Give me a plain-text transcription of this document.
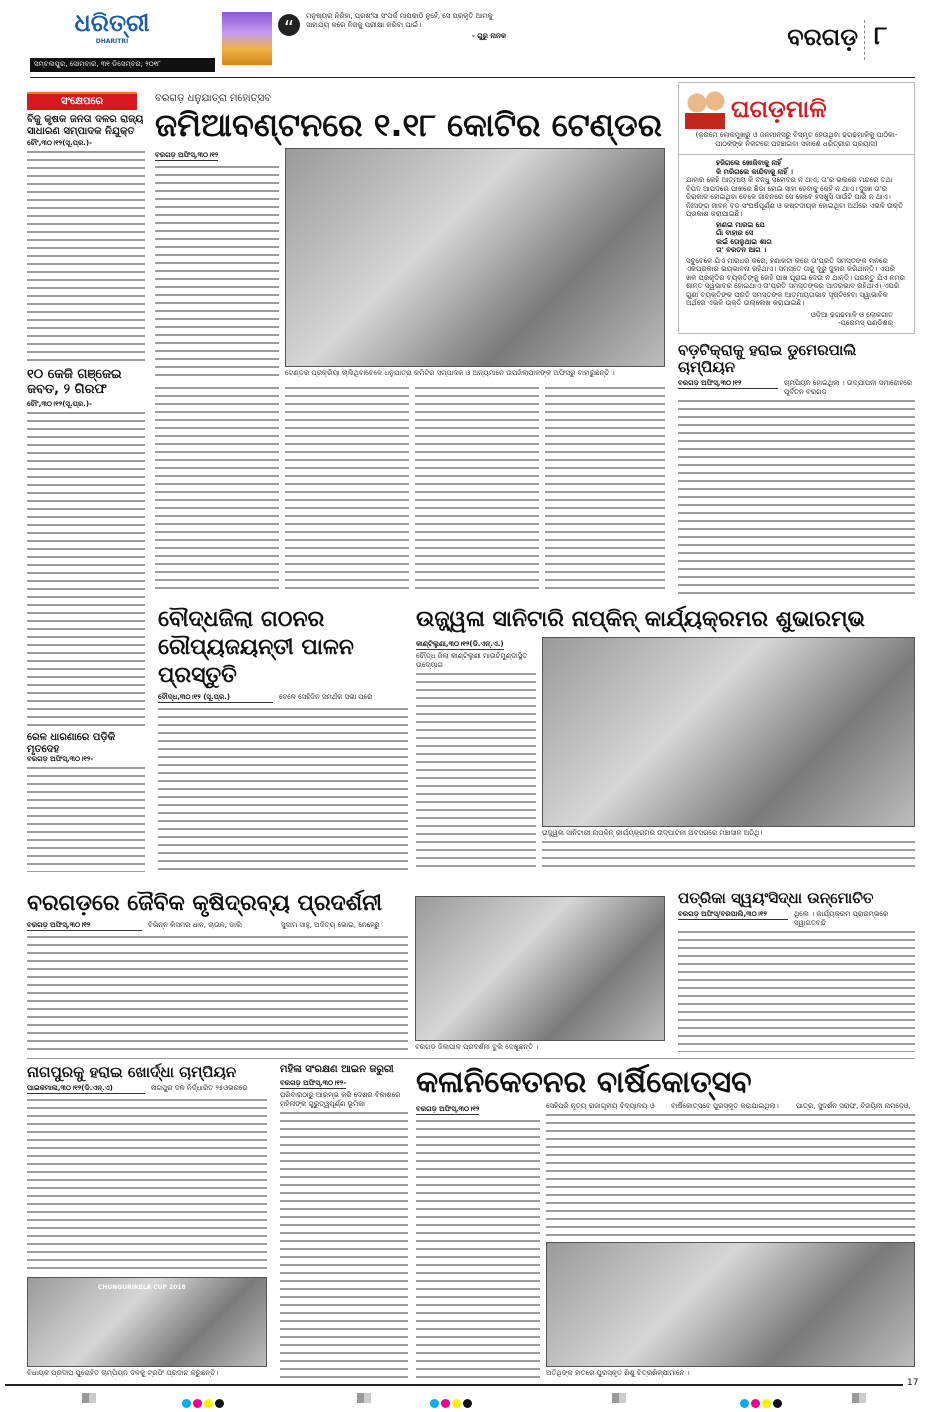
ଧରିତ୍ରୀ
DHARITRI
ସମ୍ବଲପୁର, ସୋମବାର, ୩୧ ଡିସେମ୍ବର, ୨୦୧୮
“	ମନୁଷ୍ୟର ନିରିହା, ପ୍ରଶଂସା ସଂପର୍କ ମାପକାଠି ନୁହେଁ, ସେ ପ୍ରକୃତି ଆମକୁ ସାହାଯ୍ୟ କରେ ନିଜକୁ ପରୀକ୍ଷା କରିବା ପାଇଁ।
- ଗୁରୁ ନାନକ	ବରଗଡ଼ ୮
ସଂକ୍ଷେପରେ
ବିଜୁ କୃଷକ ଜନତା ଦଳର ରାଜ୍ୟ ସାଧାରଣ ସମ୍ପାଦକ ନିଯୁକ୍ତ
ଚୌଂ,୩୦।୧୨(ସୂ.ପ୍ର.)-
୧୦ କେଜି ଗଞ୍ଜେଇ ଜବତ, ୨ ଗିରଫ
ଚୌଂ,୩୦।୧୨(ସୂ.ପ୍ର.)-
ରେଳ ଧାରଣାରେ ପଡ଼ିକି ମୃତଦେହ
ବରଗଡ଼ ଅଫିସ୍,୩୦।୧୨-
ବରଗଡ଼ ଧନୁଯାତ୍ରା ମହୋତ୍ସବ
ଜମିଆବଣ୍ଟନରେ ୧.୧୮ କୋଟିର ଟେଣ୍ଡର
ବରଗଡ଼ ଅଫିସ୍,୩୦।୧୨
ଟେଣ୍ଡର ପ୍ରକ୍ରିୟା ଚାଲିଥିବାବେଳେ ଧନୁଯାତ୍ରା କମିଟିର ସମ୍ପାଦକ ଓ ଅନ୍ୟମାନେ ଉପଜିଲାପାଳଙ୍କ ଅଫିସରୁ ବାହାରୁଛନ୍ତି ।
ଘଗଡ଼ମାଳି
(କ୍ରମେ ଲୋକମୁଖରୁ ଓ ଜନମାନସରୁ ବିସ୍ମୃତ ହେଉଥିବା ଢଗଢମାଳିକୁ ପାଠିକା-ପାଠକଙ୍କ ନିକଟରେ ପହଞ୍ଚାଇବା ସକାଶେ ଧରିତ୍ରୀର ପ୍ରୟାସ)
ହଜିଗଲେ ଖୋଜିବାକୁ ନାହିଁ
କି ମରିଗଲେ କାନ୍ଦିବାକୁ ନାହିଁ ।
ଯାହାର କେହି ଆତ୍ମୀୟ କି ବନ୍ଧୁ ସହୋଦର ନ ଥାଏ, ତା'ର ଭଲରେ ମନ୍ଦରେ ତଥା ବିପଦ ଆପଦରେ ପାଖରେ ଛିଡ଼ା ହୋଇ ସାହା ହେବାକୁ କେହି ନ ଥାଏ। ଦୁଃଖ ତା'ର ଚିରକାଳ ହୋଇଥିବା ବେଳେ ଜୀବନରେ ସେ କେବେ ହସଖୁସି ସାଉଁଟି ପାରି ନ ଥାଏ। ନିଃସଙ୍ଗ ଜୀବନ ବଡ଼ ସଂଘର୍ଷପୂର୍ଣ୍ଣ ଓ କଷ୍ଟଦାୟକ ହୋଇଥିବା ଅର୍ଥରେ ଏଭଳି ଉକ୍ତି ପ୍ରକାଶ କରାଯାଇଛି।
ହାଣଇ ମାରଇ ଯେ
ଗାଁ ବାହାର ସେ
ଲଇଁ ତୋଳୁଥାଇ ଶାଗ
ତା' ବରତନ ଆଗ ।
ସବୁବେଳେ ଯିଏ ମାରଧର କରେ, ହଣାକଟା କରେ ତା'ପ୍ରତି ସମସ୍ତଙ୍କ ମନରେ ଏକପ୍ରକାର ଭୟଭାବନା ରହିଥାଏ। ସମସ୍ତେ ତାକୁ ଦୂରୁ ଜୁହାର କରିଥାନ୍ତି। ଏପରି ଖଳ ପ୍ରକୃତିର ବ୍ୟକ୍ତିଙ୍କୁ କେହି ପାଖ ପୂରାଇ ଦେଉ ନ ଥାନ୍ତି। ପରନ୍ତୁ ଯିଏ ନମ୍ର ଶାନ୍ତ ସ୍ୱଭାବର ହୋଇଥାଏ ତା'ପ୍ରତି ସମସ୍ତଙ୍କର ଆଦରଭାବ ରହିଥାଏ। ଏପରି ଗୁଣୀ ବ୍ୟକ୍ତିଙ୍କ ପ୍ରତି ସମସ୍ତଙ୍କ ଆତ୍ମୀୟତାଭାବ ସୃଷ୍ଟିହେବା ସ୍ୱାଭାବିକ ଅର୍ଥରେ ଏଭଳି ଉକ୍ତି ଉଲ୍ଲେଖ କରାଯାଇଛି।
ଓଡ଼ିଆ ଢଗଢମାଳି ଓ ଲୋକଗୀତ
-ପ୍ରେମସ୍ ପଣ୍ଡିଶର୍
ବଡ଼ଟିକ୍ରାକୁ ହରାଇ ଡୁମେରପାଲି ଚାମ୍ପିୟନ
ବରଗଡ଼ ଅଫିସ୍,୩୦।୧୨	ଚାମ୍ପିୟନ ହୋଇଥିଲା । ଉଦ୍ଯାପନୀ ସମାରୋହରେ ପୂର୍ବତନ ବରଗଡ଼
ବୌଦ୍ଧଜିଲା ଗଠନର ରୌପ୍ୟଜୟନ୍ତୀ ପାଳନ ପ୍ରସ୍ତୁତି
ବୌଦ୍ଧ,୩୦।୧୨ (ସୂ.ପ୍ର.)	ବେଳେ ସେହିଦିନ ସମର୍ଥକ ସଭା ପରେ
ଉଜ୍ଜ୍ୱଳା ସାନିଟାରି ନାପ୍‌କିନ୍ କାର୍ଯ୍ୟକ୍ରମର ଶୁଭାରମ୍ଭ
କାଣ୍ଟିଲୁଣା,୩୦।୧୨(ଡି.ଏନ୍.ଏ.)
ଚୌଦ୍ଧ ଜିଲା କାଣ୍ଟିଲୁଣୀ ମାଉଟିମୁଣ୍ଡାସ୍ଥିତ ଉଦ୍ୟୋଗ
ଉଜ୍ଜ୍ୱଳା ସାନିଟାରୀ ନାପ୍‌କିନ୍ କାର୍ଯ୍ୟକ୍ରମର ଉଦ୍‌ଘାଟନୀ ଅବସରରେ ମଞ୍ଚାସୀନ ଅତିଥି।
ବରଗଡ଼ରେ ଜୈବିକ କୃଷିଦ୍ରବ୍ୟ ପ୍ରଦର୍ଶନୀ
ବରଗଡ଼ ଅଫିସ୍,୩୦।୧୨	ବିଭିନ୍ନ କିସମର ଧାନ, ଚାଉଳ, ଡାଲି	ସୁଦାମ ସାହୁ, ଅଦିତ୍ୟ ଭୋଇ, ନେହେରୁ
ବରଗଡ଼ ଜିଲାପାଳ ପ୍ରଦର୍ଶନୀ ବୁଲି ଦେଖୁଛନ୍ତି ।
ପତ୍ରିକା ସ୍ୱୟଂସିଦ୍ଧା ଉନ୍ମୋଚିତ
ବରଗଡ଼ ଅଫିସ୍/ବରପାଲି,୩୦।୧୨	ଥିଲେ । କାର୍ଯ୍ୟକ୍ରମ ପ୍ରାରମ୍ଭରେ ସ୍ୱାଗତବନ୍ଦି
ନାଗପୁରକୁ ହରାଇ ଖୋର୍ଦ୍ଧା ଚାମ୍ପିୟନ
ପାଇକମାଲ,୩୦।୧୨(ଡି.ଏନ୍.ଏ)	ନାଗପୁର ଦଳ ନିର୍ଦ୍ଧାରିତ ୨୫ଓଭରରେ
CHUNGURIKELA CUP 2018
ବିଧାୟକ ପ୍ରଦୀପ ପୁରୋହିତ ଚାମ୍ପିୟନ ଦଳକୁ ଟ୍ରଫି ପ୍ରଦାନ କରୁଛନ୍ତି।
ମହିଳା ସଂରକ୍ଷଣ ଆଇନ ଜରୁରୀ
ବରଗଡ଼ ଅଫିସ୍,୩୦।୧୨-
ପରିବାରଠାରୁ ଆରମ୍ଭ କରି ଦେଶର ବିକାଶରେ ମହିଳାଙ୍କ ଗୁରୁତ୍ୱପୂର୍ଣ୍ଣ ଭୂମିକା
କଳାନିକେତନର ବାର୍ଷିକୋତ୍ସବ
ବରଗଡ଼ ଅଫିସ୍,୩୦।୧୨	ସେହିପରି ନୃତ୍ୟ ରାଜାଗୃହୀୟ ବିଦ୍ୟାଳୟ ଓ	ବାର୍ଷିକୋତ୍ସବେ ପୁରସ୍କୃତ କରାଯାଇଥିଲା।	ପାତ୍ର, ସୁଦର୍ଶନ ସରାଫ, ବିଜୟିନୀ ନାମଦେଓ,
ଅତିଥିଙ୍କ ହାତରେ ପୁରସ୍କୃତ ଶିଶୁ ଚିତ୍ରଶିଳ୍ପୀମାନେ ।
17
